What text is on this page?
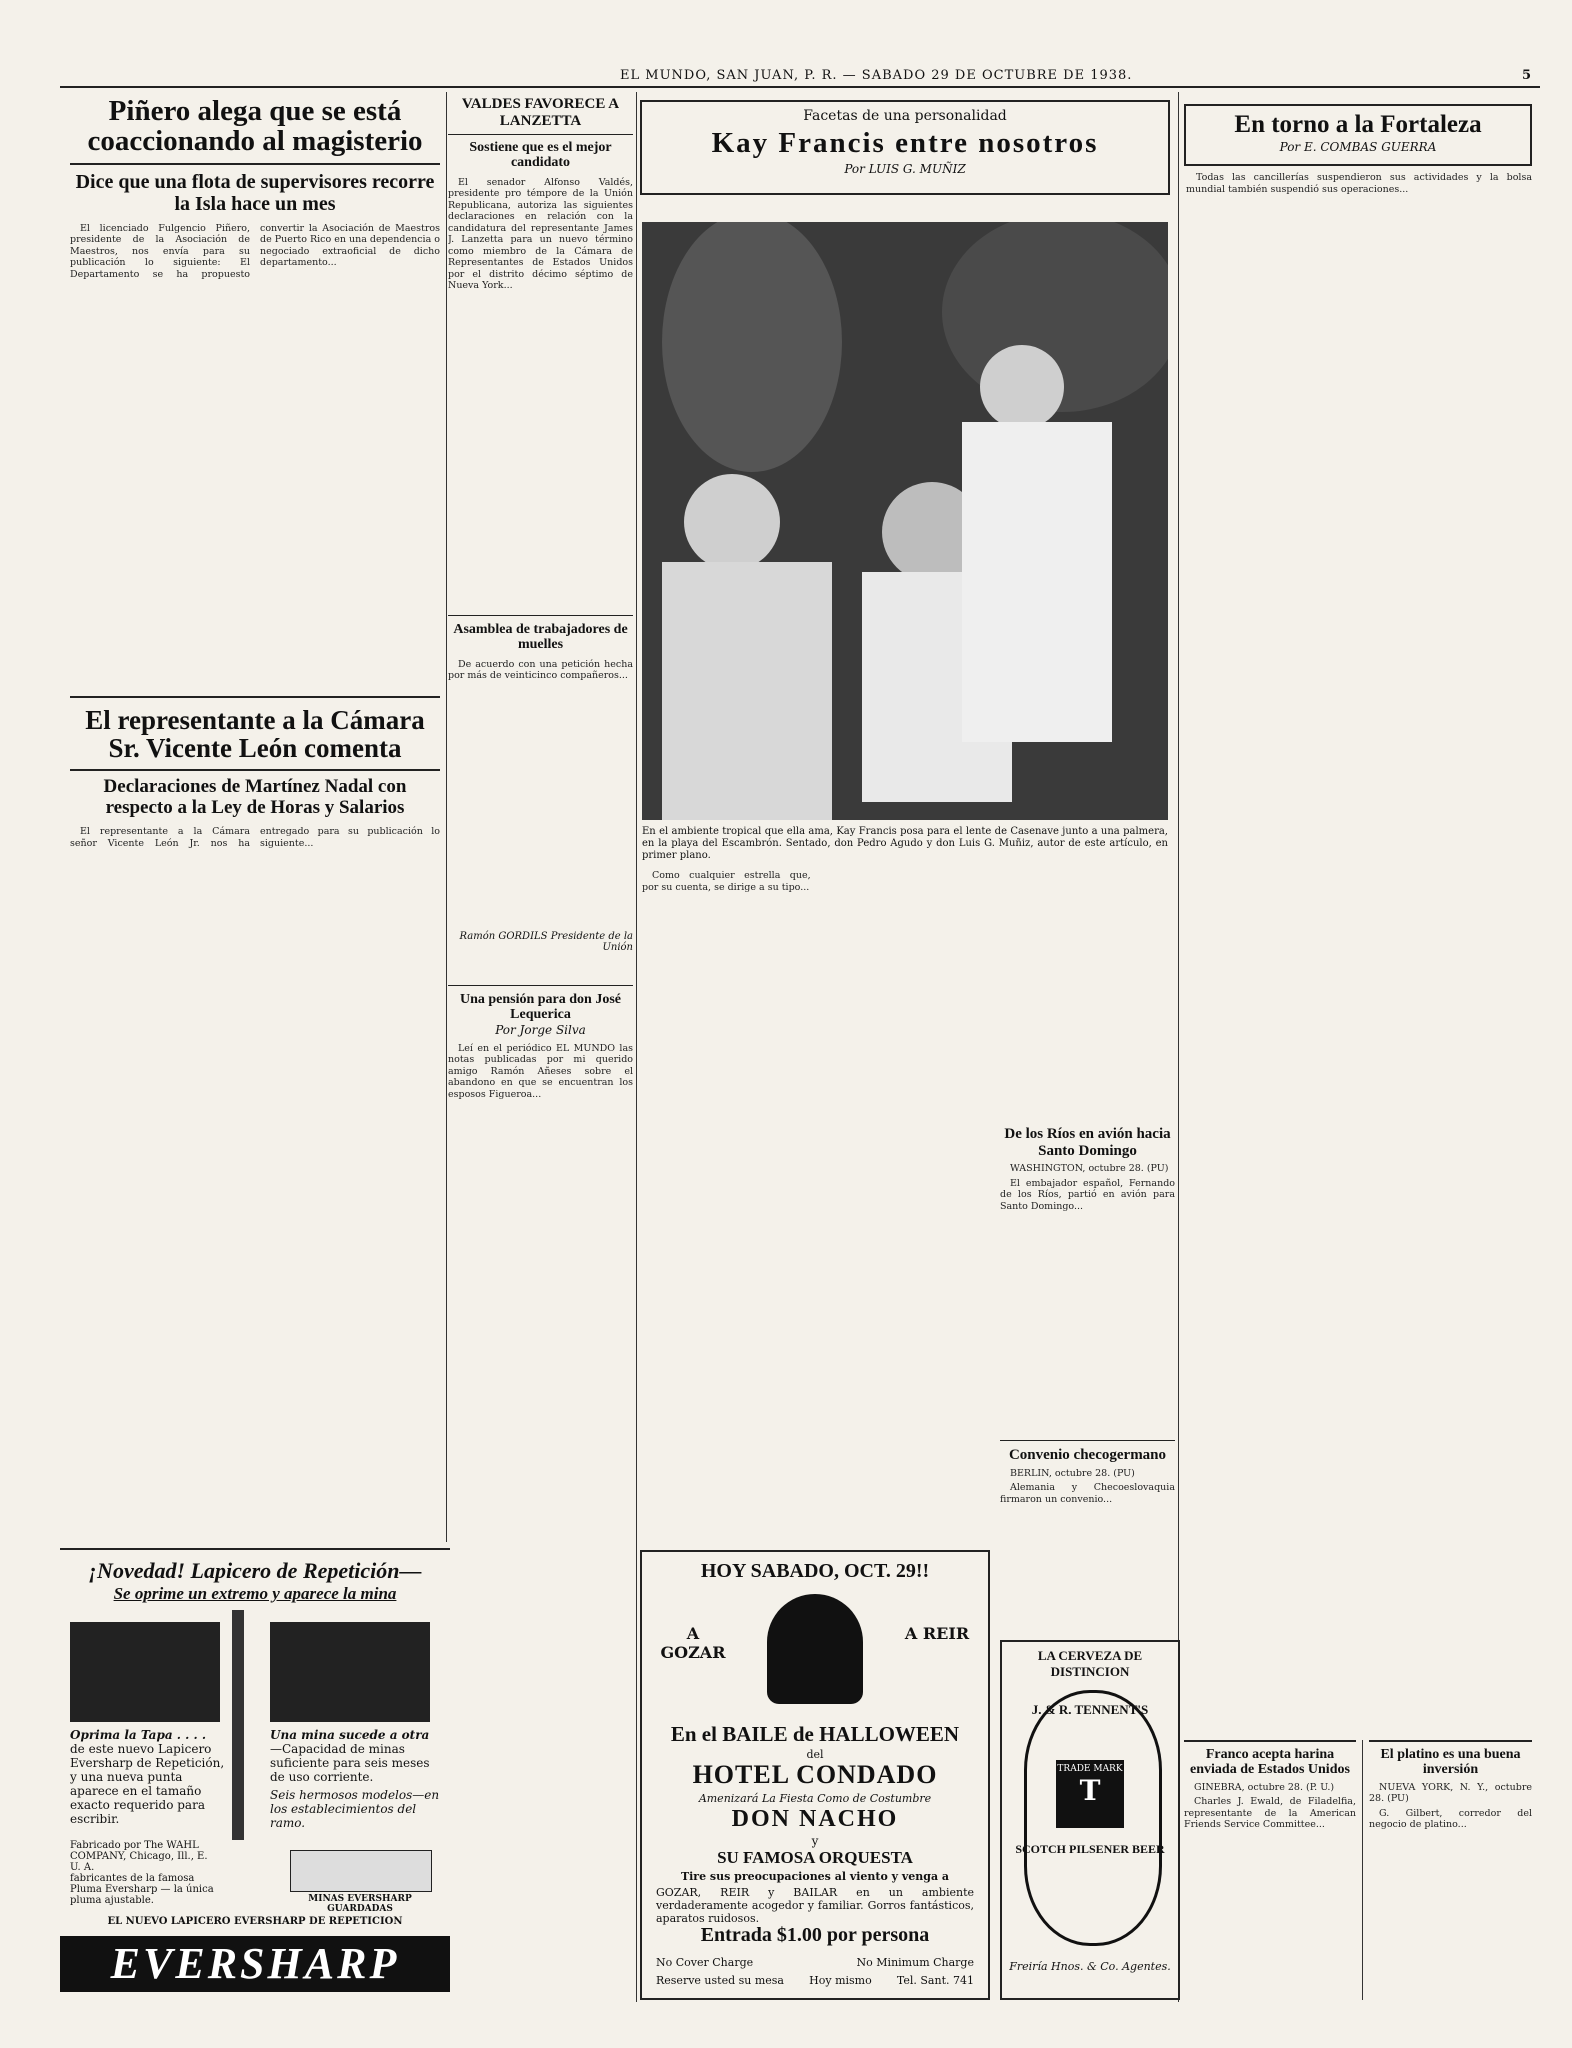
EL MUNDO, SAN JUAN, P. R. — SABADO 29 DE OCTUBRE DE 1938.	5
Piñero alega que se está coaccionando al magisterio
Dice que una flota de supervisores recorre la Isla hace un mes

El licenciado Fulgencio Piñero, presidente de la Asociación de Maestros, nos envía para su publicación lo siguiente: El Departamento se ha propuesto convertir la Asociación de Maestros de Puerto Rico en una dependencia o negociado extraoficial de dicho departamento...

El representante a la Cámara Sr. Vicente León comenta
Declaraciones de Martínez Nadal con respecto a la Ley de Horas y Salarios

El representante a la Cámara señor Vicente León Jr. nos ha entregado para su publicación lo siguiente...

VALDES FAVORECE A LANZETTA
Sostiene que es el mejor candidato

El senador Alfonso Valdés, presidente pro témpore de la Unión Republicana, autoriza las siguientes declaraciones en relación con la candidatura del representante James J. Lanzetta para un nuevo término como miembro de la Cámara de Representantes de Estados Unidos por el distrito décimo séptimo de Nueva York...

Asamblea de trabajadores de muelles

De acuerdo con una petición hecha por más de veinticinco compañeros...

Ramón GORDILS Presidente de la Unión
Una pensión para don José Lequerica
Por Jorge Silva

Leí en el periódico EL MUNDO las notas publicadas por mi querido amigo Ramón Añeses sobre el abandono en que se encuentran los esposos Figueroa...

Facetas de una personalidad
Kay Francis entre nosotros
Por LUIS G. MUÑIZ
En el ambiente tropical que ella ama, Kay Francis posa para el lente de Casenave junto a una palmera, en la playa del Escambrón. Sentado, don Pedro Agudo y don Luis G. Muñiz, autor de este artículo, en primer plano.

Como cualquier estrella que, por su cuenta, se dirige a su tipo...

De los Ríos en avión hacia Santo Domingo

WASHINGTON, octubre 28. (PU)

El embajador español, Fernando de los Ríos, partió en avión para Santo Domingo...

Convenio checogermano

BERLIN, octubre 28. (PU)

Alemania y Checoeslovaquia firmaron un convenio...

En torno a la Fortaleza
Por E. COMBAS GUERRA

Todas las cancillerías suspendieron sus actividades y la bolsa mundial también suspendió sus operaciones...

Franco acepta harina enviada de Estados Unidos

GINEBRA, octubre 28. (P. U.)

Charles J. Ewald, de Filadelfia, representante de la American Friends Service Committee...

El platino es una buena inversión

NUEVA YORK, N. Y., octubre 28. (PU)

G. Gilbert, corredor del negocio de platino...

¡Novedad! Lapicero de Repetición—
Se oprime un extremo y aparece la mina
Oprima la Tapa . . . .
de este nuevo Lapicero Eversharp de Repetición, y una nueva punta aparece en el tamaño exacto requerido para escribir.
Una mina sucede a otra
—Capacidad de minas suficiente para seis meses de uso corriente.
Seis hermosos modelos—en los establecimientos del ramo.
Fabricado por The WAHL COMPANY, Chicago, Ill., E. U. A.
fabricantes de la famosa Pluma Eversharp — la única pluma ajustable.	MINAS EVERSHARP GUARDADAS
EL NUEVO LAPICERO EVERSHARP DE REPETICION
EVERSHARP
HOY SABADO, OCT. 29!!
A GOZAR
A REIR
En el BAILE de HALLOWEEN
del
HOTEL CONDADO
Amenizará La Fiesta Como de Costumbre
DON NACHO
y
SU FAMOSA ORQUESTA
Tire sus preocupaciones al viento y venga a
GOZAR, REIR y BAILAR en un ambiente verdaderamente acogedor y familiar. Gorros fantásticos, aparatos ruidosos.
Entrada $1.00 por persona
No Cover Charge	No Minimum Charge
Reserve usted su mesa Hoy mismo Tel. Sant. 741
LA CERVEZA DE DISTINCION
J. & R. TENNENT'S
TRADE MARK
T
SCOTCH PILSENER BEER
Freiría Hnos. & Co. Agentes.
